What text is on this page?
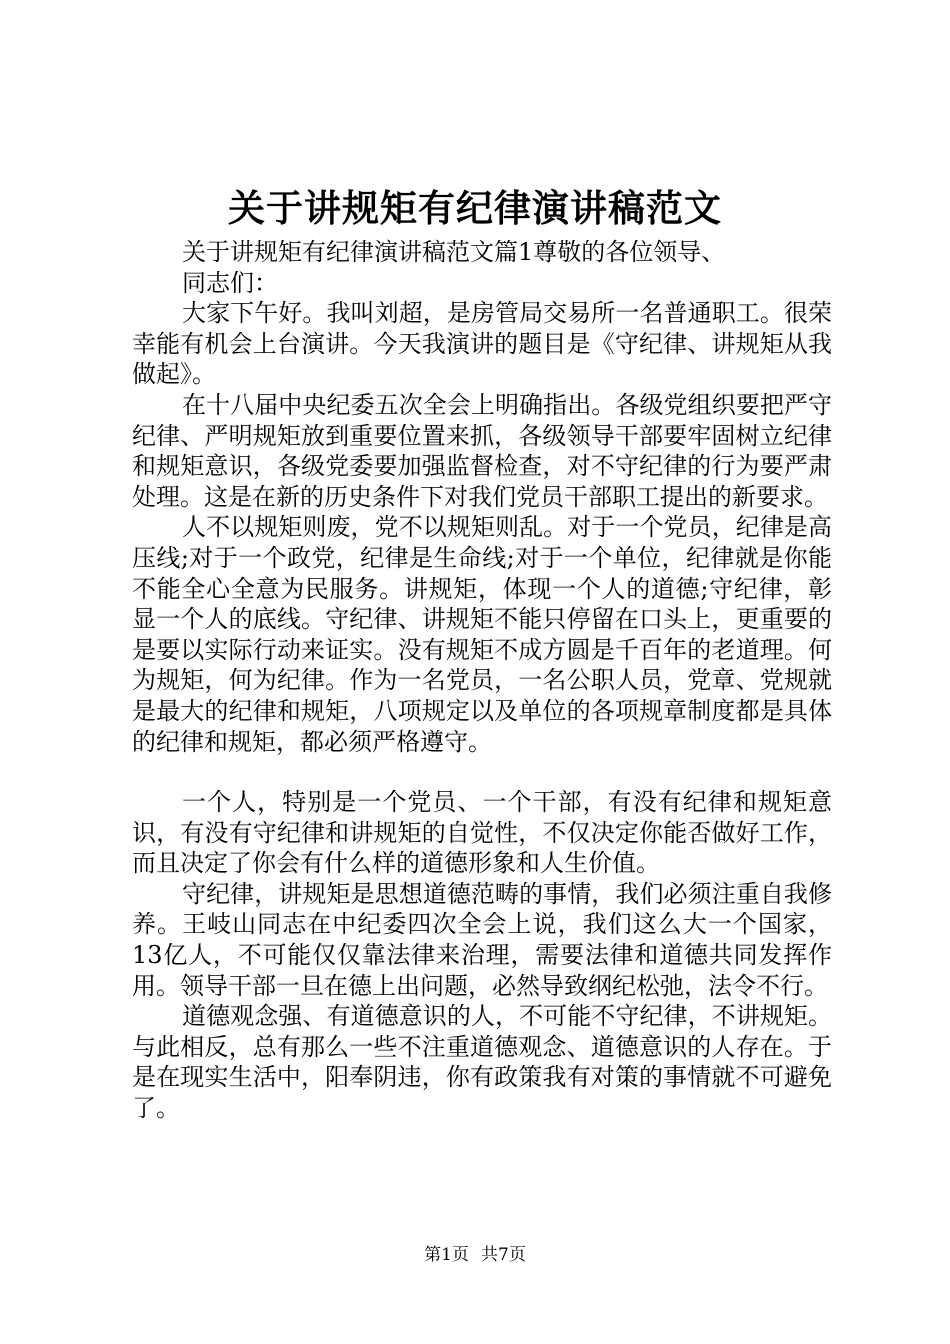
关于讲规矩有纪律演讲稿范文
关于讲规矩有纪律演讲稿范文篇1尊敬的各位领导、
同志们：

大家下午好。我叫刘超，是房管局交易所一名普通职工。很荣幸能有机会上台演讲。今天我演讲的题目是《守纪律、讲规矩从我做起》。

在十八届中央纪委五次全会上明确指出。各级党组织要把严守纪律、严明规矩放到重要位置来抓，各级领导干部要牢固树立纪律和规矩意识，各级党委要加强监督检查，对不守纪律的行为要严肃处理。这是在新的历史条件下对我们党员干部职工提出的新要求。

人不以规矩则废，党不以规矩则乱。对于一个党员，纪律是高压线;对于一个政党，纪律是生命线;对于一个单位，纪律就是你能不能全心全意为民服务。讲规矩，体现一个人的道德;守纪律，彰显一个人的底线。守纪律、讲规矩不能只停留在口头上，更重要的是要以实际行动来证实。没有规矩不成方圆是千百年的老道理。何为规矩，何为纪律。作为一名党员，一名公职人员，党章、党规就是最大的纪律和规矩，八项规定以及单位的各项规章制度都是具体的纪律和规矩，都必须严格遵守。

一个人，特别是一个党员、一个干部，有没有纪律和规矩意识，有没有守纪律和讲规矩的自觉性，不仅决定你能否做好工作，而且决定了你会有什么样的道德形象和人生价值。

守纪律，讲规矩是思想道德范畴的事情，我们必须注重自我修养。王岐山同志在中纪委四次全会上说，我们这么大一个国家，13亿人，不可能仅仅靠法律来治理，需要法律和道德共同发挥作用。领导干部一旦在德上出问题，必然导致纲纪松弛，法令不行。

道德观念强、有道德意识的人，不可能不守纪律，不讲规矩。与此相反，总有那么一些不注重道德观念、道德意识的人存在。于是在现实生活中，阳奉阴违，你有政策我有对策的事情就不可避免了。

第1页 共7页
